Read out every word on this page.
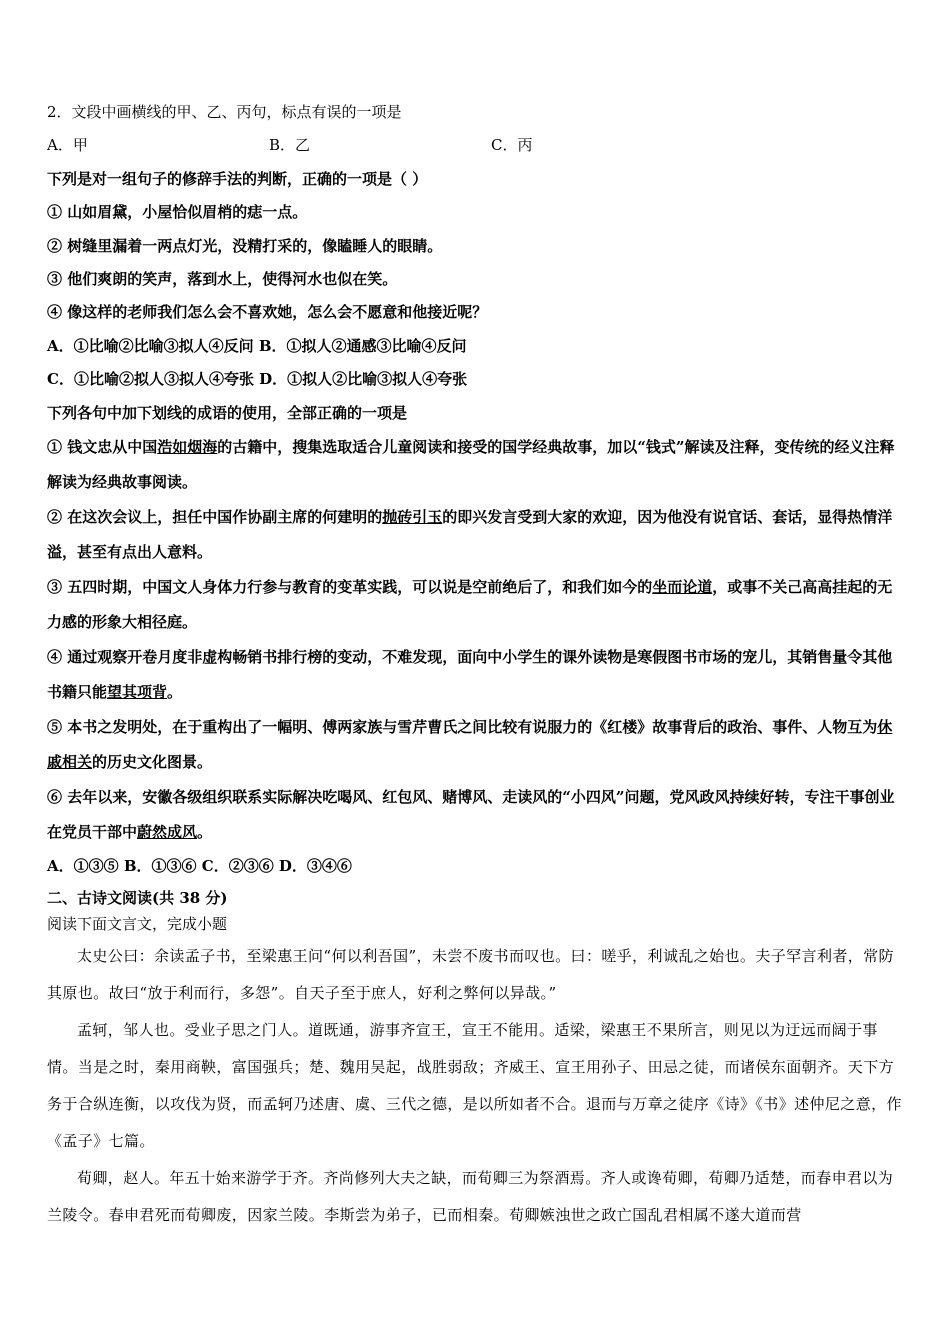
2．文段中画横线的甲、乙、丙句，标点有误的一项是
A．甲	B．乙	C．丙
下列是对一组句子的修辞手法的判断，正确的一项是（ ）
① 山如眉黛，小屋恰似眉梢的痣一点。
② 树缝里漏着一两点灯光，没精打采的，像瞌睡人的眼睛。
③ 他们爽朗的笑声，落到水上，使得河水也似在笑。
④ 像这样的老师我们怎么会不喜欢她，怎么会不愿意和他接近呢？
A．①比喻②比喻③拟人④反问 B．①拟人②通感③比喻④反问
C．①比喻②拟人③拟人④夸张 D．①拟人②比喻③拟人④夸张
下列各句中加下划线的成语的使用，全部正确的一项是
① 钱文忠从中国浩如烟海的古籍中，搜集选取适合儿童阅读和接受的国学经典故事，加以“钱式”解读及注释，变传统的经义注释解读为经典故事阅读。
② 在这次会议上，担任中国作协副主席的何建明的抛砖引玉的即兴发言受到大家的欢迎，因为他没有说官话、套话，显得热情洋溢，甚至有点出人意料。
③ 五四时期，中国文人身体力行参与教育的变革实践，可以说是空前绝后了，和我们如今的坐而论道，或事不关己高高挂起的无力感的形象大相径庭。
④ 通过观察开卷月度非虚构畅销书排行榜的变动，不难发现，面向中小学生的课外读物是寒假图书市场的宠儿，其销售量令其他书籍只能望其项背。
⑤ 本书之发明处，在于重构出了一幅明、傅两家族与雪芹曹氏之间比较有说服力的《红楼》故事背后的政治、事件、人物互为休戚相关的历史文化图景。
⑥ 去年以来，安徽各级组织联系实际解决吃喝风、红包风、赌博风、走读风的“小四风”问题，党风政风持续好转，专注干事创业在党员干部中蔚然成风。
A．①③⑤ B．①③⑥ C．②③⑥ D．③④⑥
二、古诗文阅读(共 38 分)
阅读下面文言文，完成小题

太史公曰：余读孟子书，至梁惠王问“何以利吾国”，未尝不废书而叹也。曰：嗟乎，利诚乱之始也。夫子罕言利者，常防其原也。故曰“放于利而行，多怨”。自天子至于庶人，好利之弊何以异哉。”

孟轲，邹人也。受业子思之门人。道既通，游事齐宣王，宣王不能用。适梁，梁惠王不果所言，则见以为迂远而阔于事情。当是之时，秦用商鞅，富国强兵；楚、魏用吴起，战胜弱敌；齐威王、宣王用孙子、田忌之徒，而诸侯东面朝齐。天下方务于合纵连衡，以攻伐为贤，而孟轲乃述唐、虞、三代之德，是以所如者不合。退而与万章之徒序《诗》《书》述仲尼之意，作《孟子》七篇。

荀卿，赵人。年五十始来游学于齐。齐尚修列大夫之缺，而荀卿三为祭酒焉。齐人或谗荀卿，荀卿乃适楚，而春申君以为兰陵令。春申君死而荀卿废，因家兰陵。李斯尝为弟子，已而相秦。荀卿嫉浊世之政亡国乱君相属不遂大道而营
